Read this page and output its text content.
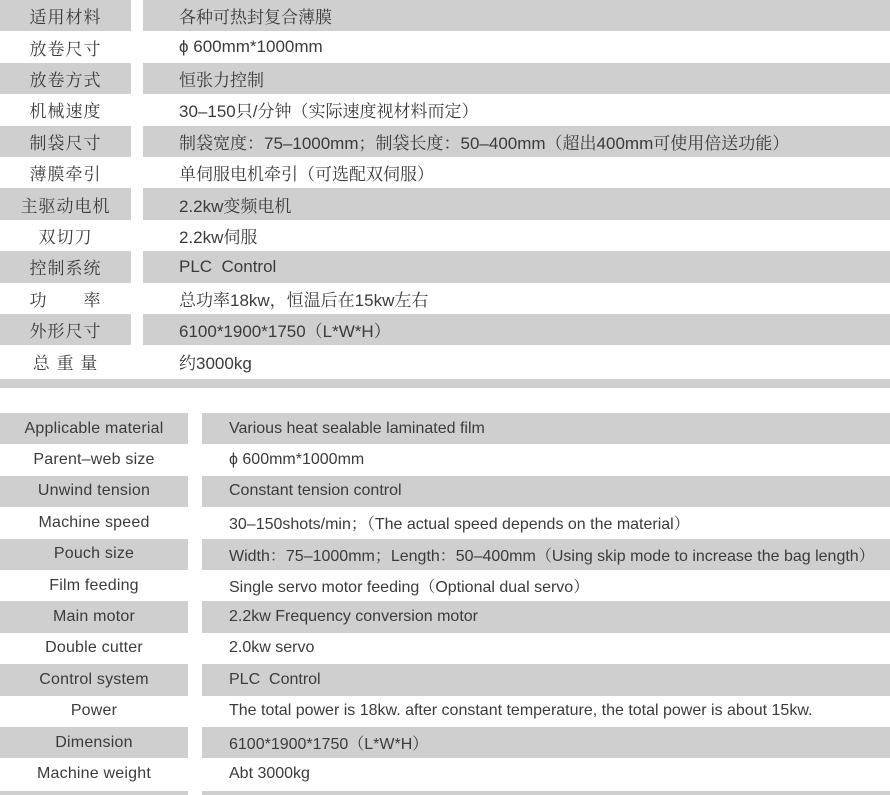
适用材料	各种可热封复合薄膜
放卷尺寸	ϕ 600mm*1000mm
放卷方式	恒张力控制
机械速度	30–150只/分钟（实际速度视材料而定）
制袋尺寸	制袋宽度：75–1000mm；制袋长度：50–400mm（超出400mm可使用倍送功能）
薄膜牵引	单伺服电机牵引（可选配双伺服）
主驱动电机	2.2kw变频电机
双切刀	2.2kw伺服
控制系统	PLC  Control
功　　率	总功率18kw，恒温后在15kw左右
外形尺寸	6100*1900*1750（L*W*H）
总 重 量	约3000kg
Applicable material	Various heat sealable laminated film
Parent–web size	ϕ 600mm*1000mm
Unwind tension	Constant tension control
Machine speed	30–150shots/min；（The actual speed depends on the material）
Pouch size	Width：75–1000mm；Length：50–400mm（Using skip mode to increase the bag length）
Film feeding	Single servo motor feeding（Optional dual servo）
Main motor	2.2kw Frequency conversion motor
Double cutter	2.0kw servo
Control system	PLC  Control
Power	The total power is 18kw. after constant temperature, the total power is about 15kw.
Dimension	6100*1900*1750（L*W*H）
Machine weight	Abt 3000kg
